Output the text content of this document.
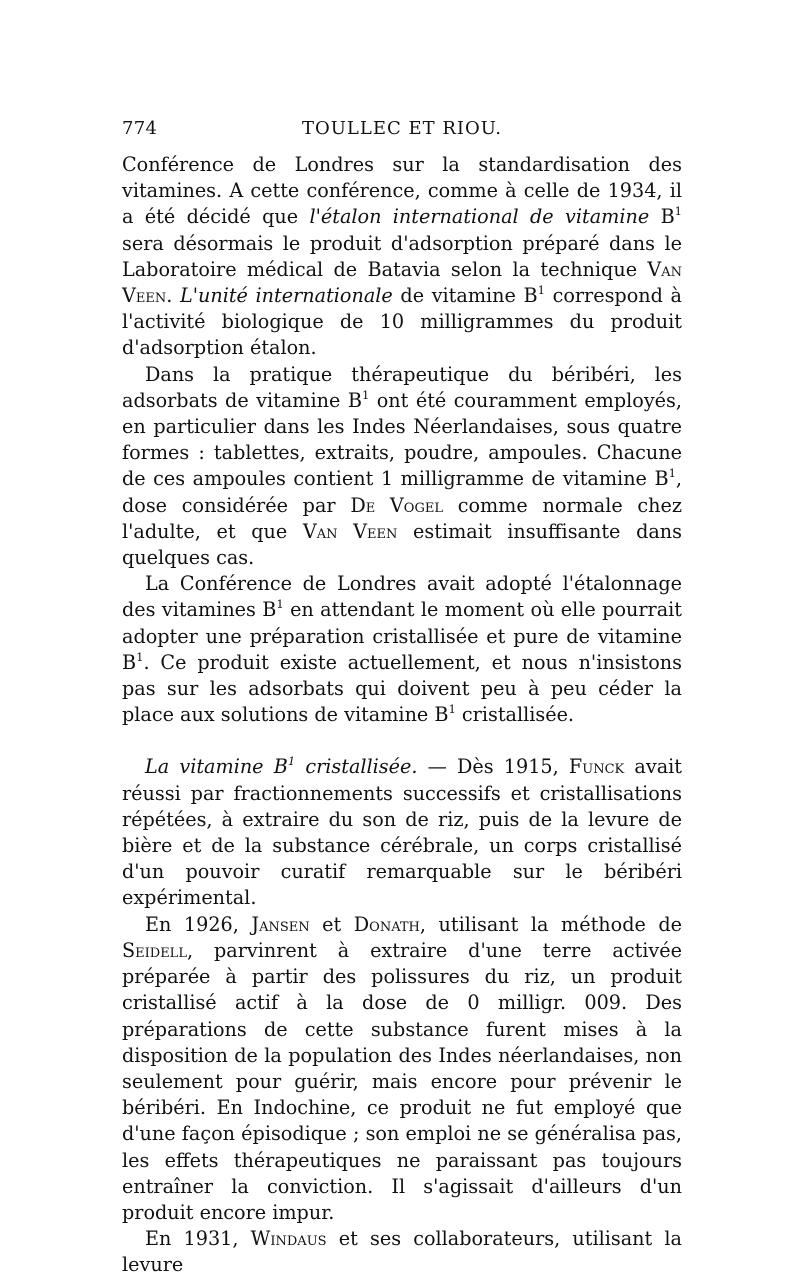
774	TOULLEC ET RIOU.

Conférence de Londres sur la standardisation des vitamines. A cette conférence, comme à celle de 1934, il a été décidé que l'étalon international de vitamine $B^1$ sera désormais le produit d'adsorption préparé dans le Laboratoire médical de Batavia selon la technique Van Veen. L'unité internationale de vitamine $B^1$ correspond à l'activité biologique de 10 milligrammes du produit d'adsorption étalon.

Dans la pratique thérapeutique du béribéri, les adsorbats de vitamine $B^1$ ont été couramment employés, en particulier dans les Indes Néerlandaises, sous quatre formes : tablettes, extraits, poudre, ampoules. Chacune de ces ampoules contient 1 milligramme de vitamine $B^1$, dose considérée par De Vogel comme normale chez l'adulte, et que Van Veen estimait insuffisante dans quelques cas.

La Conférence de Londres avait adopté l'étalonnage des vitamines $B^1$ en attendant le moment où elle pourrait adopter une préparation cristallisée et pure de vitamine $B^1$. Ce produit existe actuellement, et nous n'insistons pas sur les adsorbats qui doivent peu à peu céder la place aux solutions de vitamine $B^1$ cristallisée.

La vitamine $B^1$ cristallisée. — Dès 1915, Funck avait réussi par fractionnements successifs et cristallisations répétées, à extraire du son de riz, puis de la levure de bière et de la substance cérébrale, un corps cristallisé d'un pouvoir curatif remarquable sur le béribéri expérimental.

En 1926, Jansen et Donath, utilisant la méthode de Seidell, parvinrent à extraire d'une terre activée préparée à partir des polissures du riz, un produit cristallisé actif à la dose de 0 milligr. 009. Des préparations de cette substance furent mises à la disposition de la population des Indes néerlandaises, non seulement pour guérir, mais encore pour prévenir le béribéri. En Indochine, ce produit ne fut employé que d'une façon épisodique ; son emploi ne se généralisa pas, les effets thérapeutiques ne paraissant pas toujours entraîner la conviction. Il s'agissait d'ailleurs d'un produit encore impur.

En 1931, Windaus et ses collaborateurs, utilisant la levure
